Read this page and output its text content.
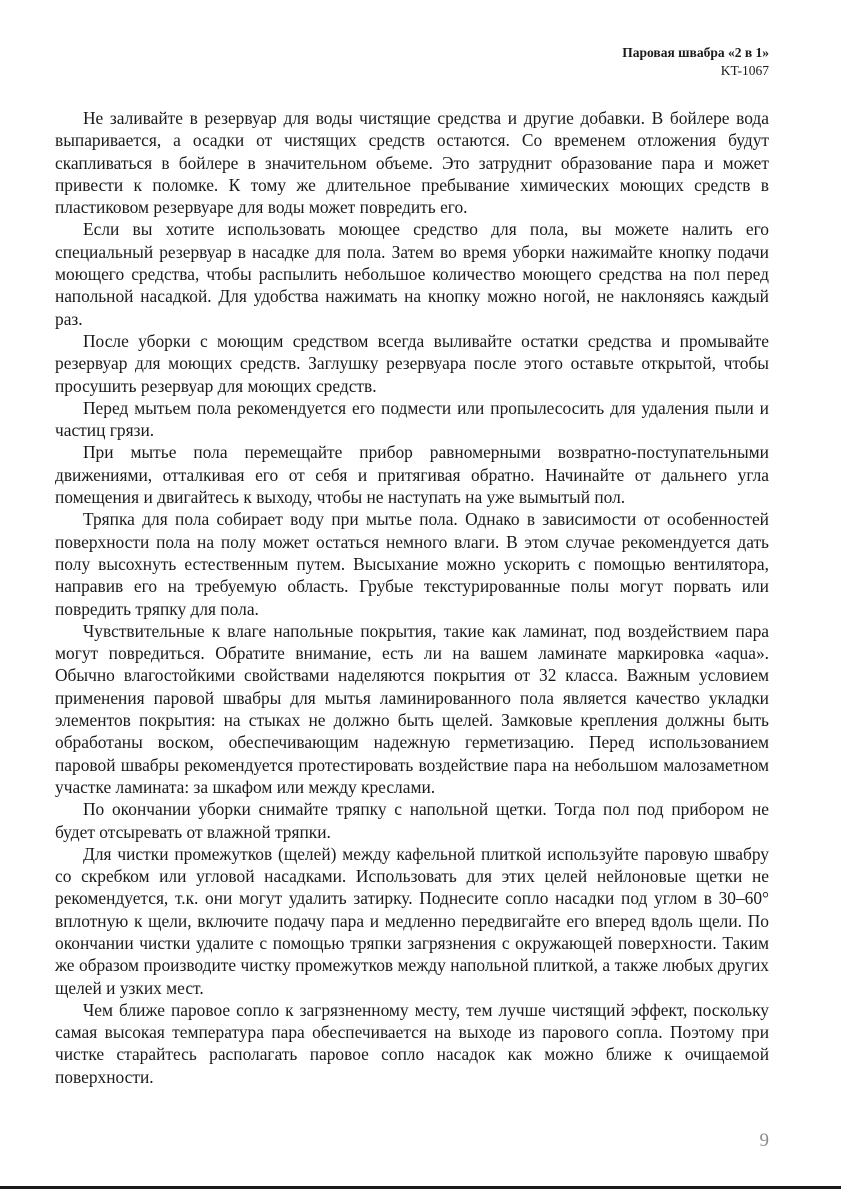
Паровая швабра «2 в 1»
KT-1067

Не заливайте в резервуар для воды чистящие средства и другие добавки. В бойлере вода выпаривается, а осадки от чистящих средств остаются. Со временем отложения будут скапливаться в бойлере в значительном объеме. Это затруднит образование пара и может привести к поломке. К тому же длительное пребывание химических моющих средств в пластиковом резервуаре для воды может повредить его.

Если вы хотите использовать моющее средство для пола, вы можете налить его специальный резервуар в насадке для пола. Затем во время уборки нажимайте кнопку подачи моющего средства, чтобы распылить небольшое количество моющего средства на пол перед напольной насадкой. Для удобства нажимать на кнопку можно ногой, не наклоняясь каждый раз.

После уборки с моющим средством всегда выливайте остатки средства и промывайте резервуар для моющих средств. Заглушку резервуара после этого оставьте открытой, чтобы просушить резервуар для моющих средств.

Перед мытьем пола рекомендуется его подмести или пропылесосить для удаления пыли и частиц грязи.

При мытье пола перемещайте прибор равномерными возвратно-поступательными движениями, отталкивая его от себя и притягивая обратно. Начинайте от дальнего угла помещения и двигайтесь к выходу, чтобы не наступать на уже вымытый пол.

Тряпка для пола собирает воду при мытье пола. Однако в зависимости от особенностей поверхности пола на полу может остаться немного влаги. В этом случае рекомендуется дать полу высохнуть естественным путем. Высыхание можно ускорить с помощью вентилятора, направив его на требуемую область. Грубые текстурированные полы могут порвать или повредить тряпку для пола.

Чувствительные к влаге напольные покрытия, такие как ламинат, под воздействием пара могут повредиться. Обратите внимание, есть ли на вашем ламинате маркировка «aqua». Обычно влагостойкими свойствами наделяются покрытия от 32 класса. Важным условием применения паровой швабры для мытья ламинированного пола является качество укладки элементов покрытия: на стыках не должно быть щелей. Замковые крепления должны быть обработаны воском, обеспечивающим надежную герметизацию. Перед использованием паровой швабры рекомендуется протестировать воздействие пара на небольшом малозаметном участке ламината: за шкафом или между креслами.

По окончании уборки снимайте тряпку с напольной щетки. Тогда пол под прибором не будет отсыревать от влажной тряпки.

Для чистки промежутков (щелей) между кафельной плиткой используйте паровую швабру со скребком или угловой насадками. Использовать для этих целей нейлоновые щетки не рекомендуется, т.к. они могут удалить затирку. Поднесите сопло насадки под углом в 30–60° вплотную к щели, включите подачу пара и медленно передвигайте его вперед вдоль щели. По окончании чистки удалите с помощью тряпки загрязнения с окружающей поверхности. Таким же образом производите чистку промежутков между напольной плиткой, а также любых других щелей и узких мест.

Чем ближе паровое сопло к загрязненному месту, тем лучше чистящий эффект, поскольку самая высокая температура пара обеспечивается на выходе из парового сопла. Поэтому при чистке старайтесь располагать паровое сопло насадок как можно ближе к очищаемой поверхности.

9
